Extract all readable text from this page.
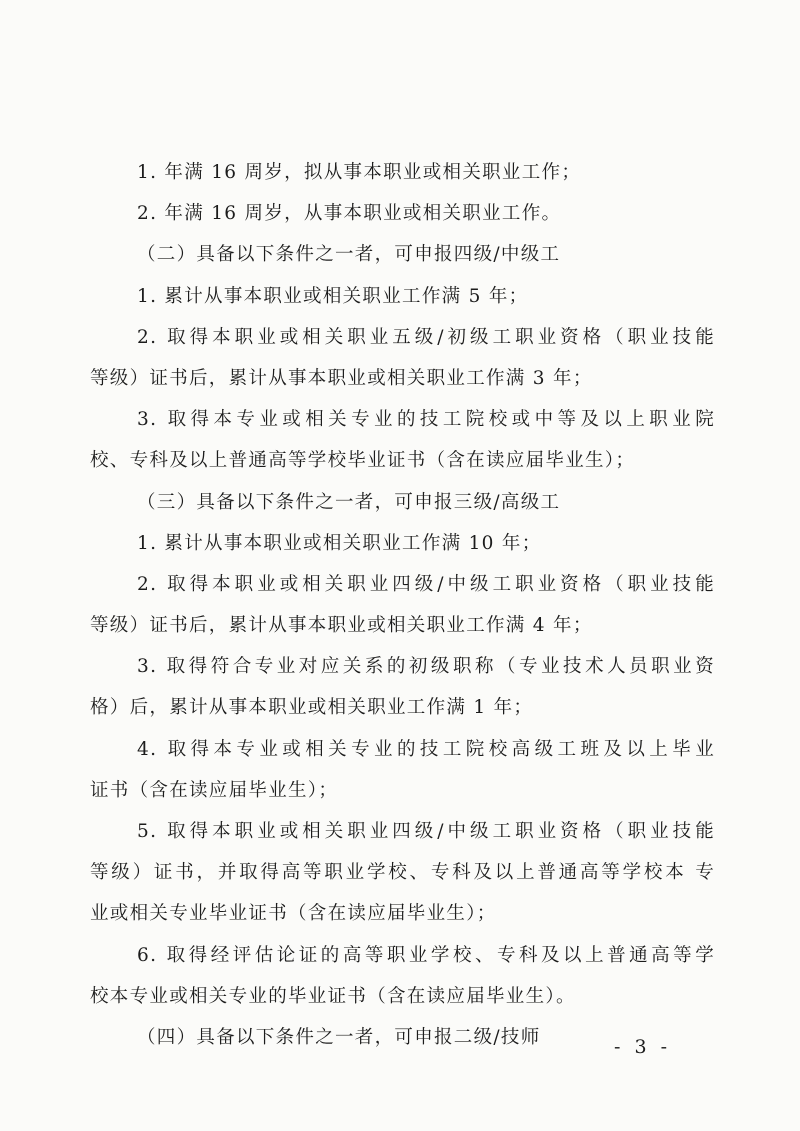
1. 年满 16 周岁，拟从事本职业或相关职业工作；
2. 年满 16 周岁，从事本职业或相关职业工作。
（二）具备以下条件之一者，可申报四级/中级工
1. 累计从事本职业或相关职业工作满 5 年；
2. 取得本职业或相关职业五级/初级工职业资格（职业技能
等级）证书后，累计从事本职业或相关职业工作满 3 年；
3. 取得本专业或相关专业的技工院校或中等及以上职业院
校、专科及以上普通高等学校毕业证书（含在读应届毕业生）；
（三）具备以下条件之一者，可申报三级/高级工
1. 累计从事本职业或相关职业工作满 10 年；
2. 取得本职业或相关职业四级/中级工职业资格（职业技能
等级）证书后，累计从事本职业或相关职业工作满 4 年；
3. 取得符合专业对应关系的初级职称（专业技术人员职业资
格）后，累计从事本职业或相关职业工作满 1 年；
4. 取得本专业或相关专业的技工院校高级工班及以上毕业
证书（含在读应届毕业生）；
5. 取得本职业或相关职业四级/中级工职业资格（职业技能
等级）证书，并取得高等职业学校、专科及以上普通高等学校本 专
业或相关专业毕业证书（含在读应届毕业生）；
6. 取得经评估论证的高等职业学校、专科及以上普通高等学
校本专业或相关专业的毕业证书（含在读应届毕业生）。
（四）具备以下条件之一者，可申报二级/技师	- 3 -
